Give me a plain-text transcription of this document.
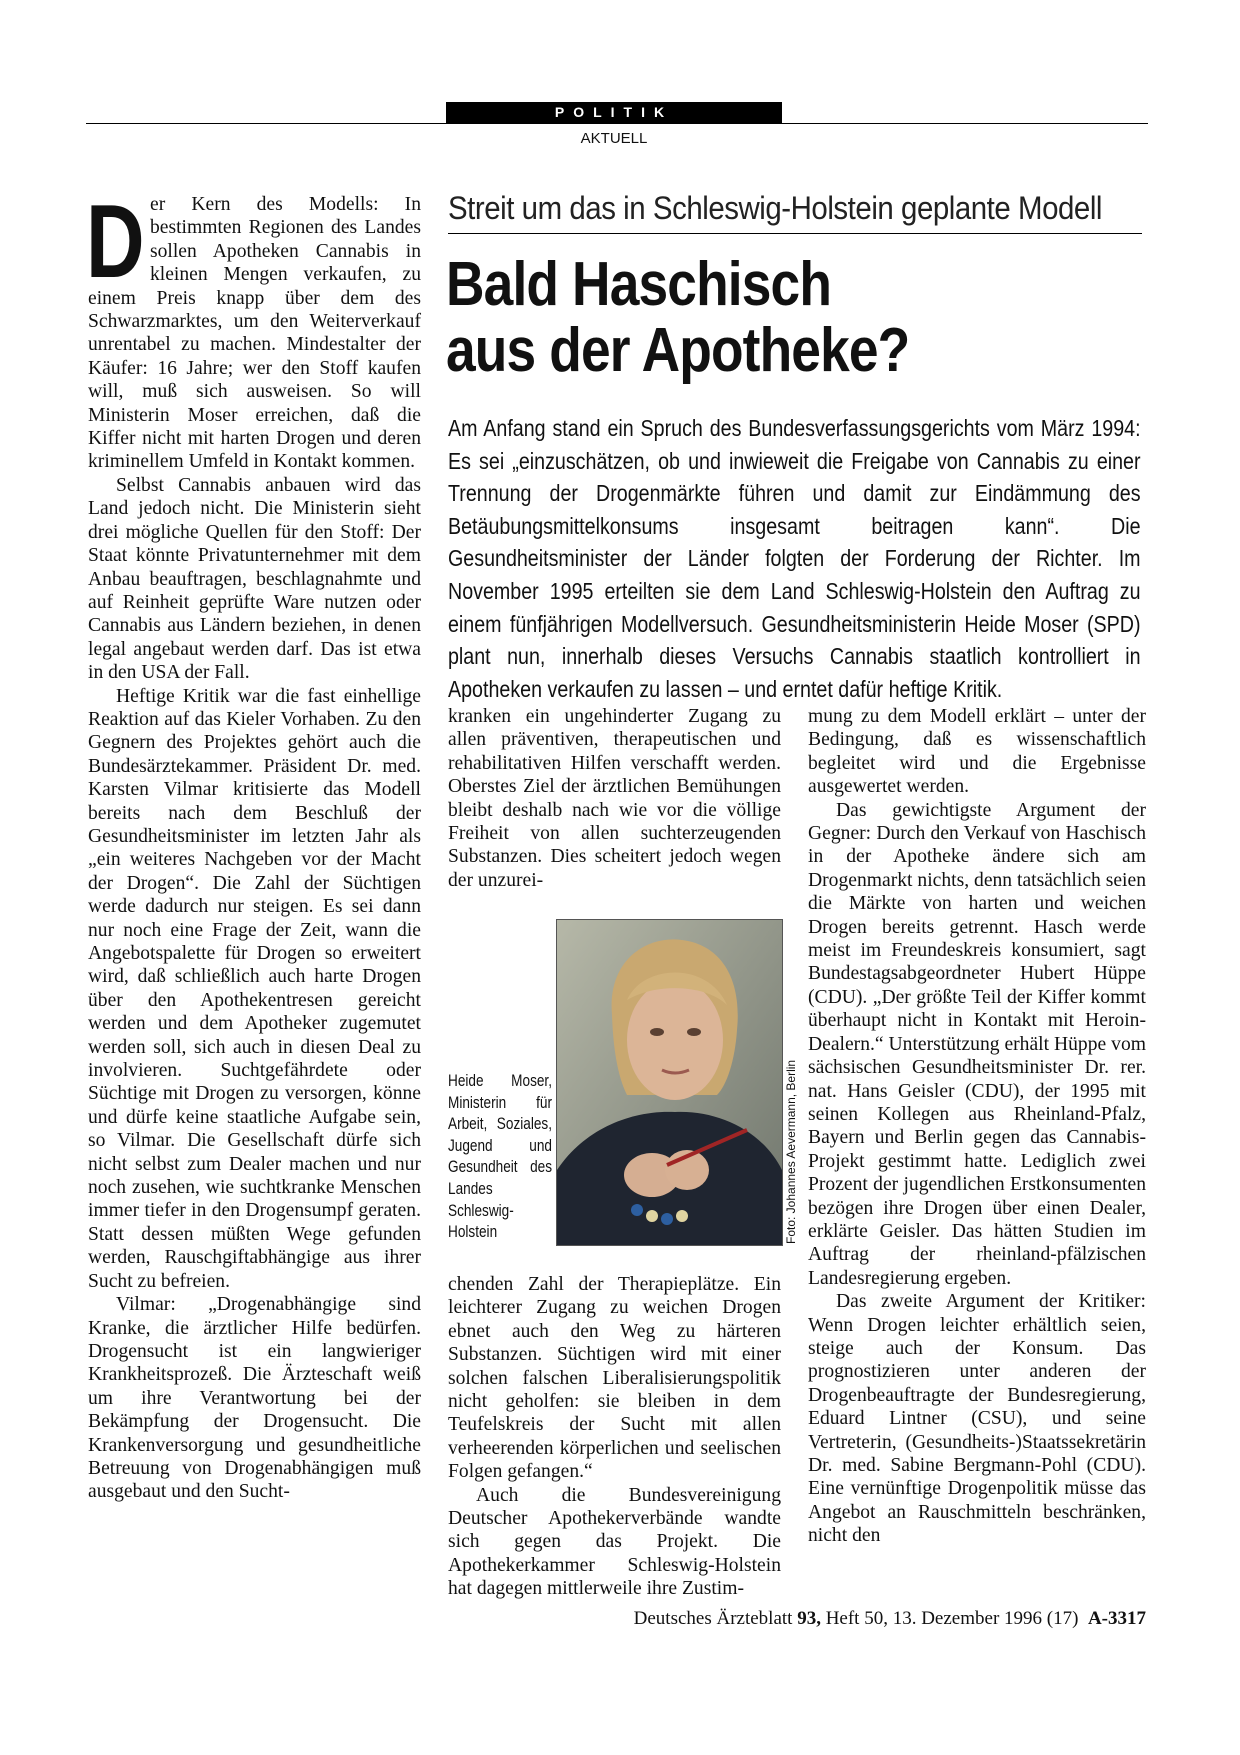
POLITIK
AKTUELL

Der Kern des Modells: In bestimmten Regionen des Landes sollen Apotheken Cannabis in kleinen Mengen verkaufen, zu einem Preis knapp über dem des Schwarzmarktes, um den Weiterverkauf unrentabel zu machen. Mindestalter der Käufer: 16 Jahre; wer den Stoff kaufen will, muß sich ausweisen. So will Ministerin Moser erreichen, daß die Kiffer nicht mit harten Drogen und deren kriminellem Umfeld in Kontakt kommen.

Selbst Cannabis anbauen wird das Land jedoch nicht. Die Ministerin sieht drei mögliche Quellen für den Stoff: Der Staat könnte Privatunternehmer mit dem Anbau beauftragen, beschlagnahmte und auf Reinheit geprüfte Ware nutzen oder Cannabis aus Ländern beziehen, in denen legal angebaut werden darf. Das ist etwa in den USA der Fall.

Heftige Kritik war die fast einhellige Reaktion auf das Kieler Vorhaben. Zu den Gegnern des Projektes gehört auch die Bundesärztekammer. Präsident Dr. med. Karsten Vilmar kritisierte das Modell bereits nach dem Beschluß der Gesundheitsminister im letzten Jahr als „ein weiteres Nachgeben vor der Macht der Drogen“. Die Zahl der Süchtigen werde dadurch nur steigen. Es sei dann nur noch eine Frage der Zeit, wann die Angebotspalette für Drogen so erweitert wird, daß schließlich auch harte Drogen über den Apothekentresen gereicht werden und dem Apotheker zugemutet werden soll, sich auch in diesen Deal zu involvieren. Suchtgefährdete oder Süchtige mit Drogen zu versorgen, könne und dürfe keine staatliche Aufgabe sein, so Vilmar. Die Gesellschaft dürfe sich nicht selbst zum Dealer machen und nur noch zusehen, wie suchtkranke Menschen immer tiefer in den Drogensumpf geraten. Statt dessen müßten Wege gefunden werden, Rauschgiftabhängige aus ihrer Sucht zu befreien.

Vilmar: „Drogenabhängige sind Kranke, die ärztlicher Hilfe bedürfen. Drogensucht ist ein langwieriger Krankheitsprozeß. Die Ärzteschaft weiß um ihre Verantwortung bei der Bekämpfung der Drogensucht. Die Krankenversorgung und gesundheitliche Betreuung von Drogenabhängigen muß ausgebaut und den Sucht-

Streit um das in Schleswig-Holstein geplante Modell
Bald Haschisch
aus der Apotheke?

Am Anfang stand ein Spruch des Bundesverfassungsgerichts vom März 1994: Es sei „einzuschätzen, ob und inwieweit die Freigabe von Cannabis zu einer Trennung der Drogenmärkte führen und damit zur Eindämmung des Betäubungsmittelkonsums insgesamt beitragen kann“. Die Gesundheitsminister der Länder folgten der Forderung der Richter. Im November 1995 erteilten sie dem Land Schleswig-Holstein den Auftrag zu einem fünfjährigen Modellversuch. Gesundheitsministerin Heide Moser (SPD) plant nun, innerhalb dieses Versuchs Cannabis staatlich kontrolliert in Apotheken verkaufen zu lassen – und erntet dafür heftige Kritik.

kranken ein ungehinderter Zugang zu allen präventiven, therapeutischen und rehabilitativen Hilfen verschafft werden. Oberstes Ziel der ärztlichen Bemühungen bleibt deshalb nach wie vor die völlige Freiheit von allen suchterzeugenden Substanzen. Dies scheitert jedoch wegen der unzurei-

Foto: Johannes Aevermann, Berlin

Heide Moser, Ministerin für Arbeit, Soziales, Jugend und Gesundheit des Landes Schleswig-Holstein

chenden Zahl der Therapieplätze. Ein leichterer Zugang zu weichen Drogen ebnet auch den Weg zu härteren Substanzen. Süchtigen wird mit einer solchen falschen Liberalisierungspolitik nicht geholfen: sie bleiben in dem Teufelskreis der Sucht mit allen verheerenden körperlichen und seelischen Folgen gefangen.“

Auch die Bundesvereinigung Deutscher Apothekerverbände wandte sich gegen das Projekt. Die Apothekerkammer Schleswig-Holstein hat dagegen mittlerweile ihre Zustim-

mung zu dem Modell erklärt – unter der Bedingung, daß es wissenschaftlich begleitet wird und die Ergebnisse ausgewertet werden.

Das gewichtigste Argument der Gegner: Durch den Verkauf von Haschisch in der Apotheke ändere sich am Drogenmarkt nichts, denn tatsächlich seien die Märkte von harten und weichen Drogen bereits getrennt. Hasch werde meist im Freundeskreis konsumiert, sagt Bundestagsabgeordneter Hubert Hüppe (CDU). „Der größte Teil der Kiffer kommt überhaupt nicht in Kontakt mit Heroin-Dealern.“ Unterstützung erhält Hüppe vom sächsischen Gesundheitsminister Dr. rer. nat. Hans Geisler (CDU), der 1995 mit seinen Kollegen aus Rheinland-Pfalz, Bayern und Berlin gegen das Cannabis-Projekt gestimmt hatte. Lediglich zwei Prozent der jugendlichen Erstkonsumenten bezögen ihre Drogen über einen Dealer, erklärte Geisler. Das hätten Studien im Auftrag der rheinland-pfälzischen Landesregierung ergeben.

Das zweite Argument der Kritiker: Wenn Drogen leichter erhältlich seien, steige auch der Konsum. Das prognostizieren unter anderen der Drogenbeauftragte der Bundesregierung, Eduard Lintner (CSU), und seine Vertreterin, (Gesundheits-)Staatssekretärin Dr. med. Sabine Bergmann-Pohl (CDU). Eine vernünftige Drogenpolitik müsse das Angebot an Rauschmitteln beschränken, nicht den

Deutsches Ärzteblatt 93, Heft 50, 13. Dezember 1996 (17) A-3317
